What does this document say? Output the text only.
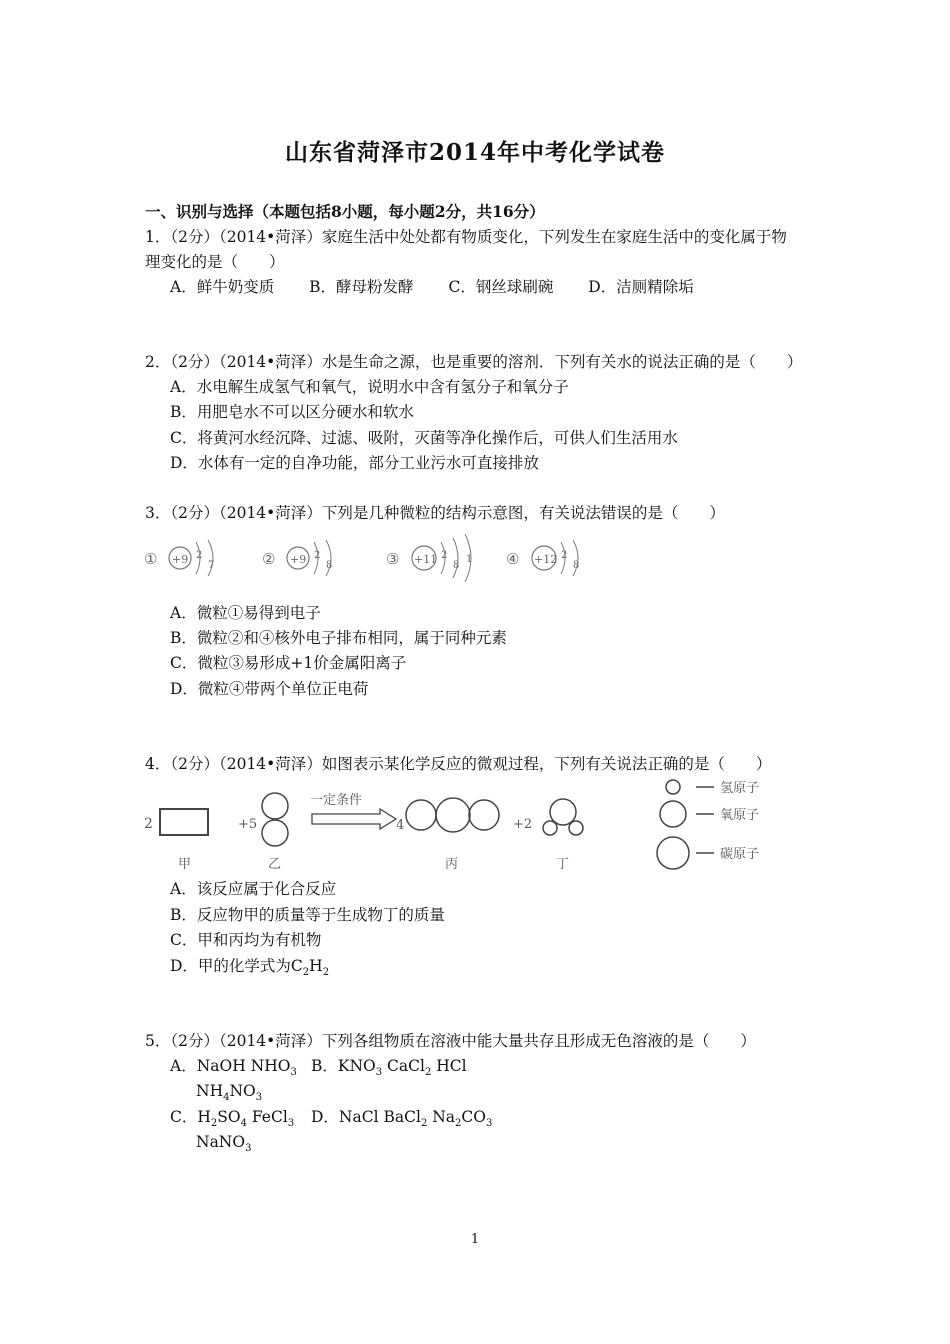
山东省菏泽市2014年中考化学试卷
一、识别与选择（本题包括8小题，每小题2分，共16分）
1．（2分）（2014•菏泽）家庭生活中处处都有物质变化，下列发生在家庭生活中的变化属于物
理变化的是（　　）
A．鲜牛奶变质 B．酵母粉发酵 C．钢丝球刷碗 D．洁厕精除垢
2．（2分）（2014•菏泽）水是生命之源，也是重要的溶剂．下列有关水的说法正确的是（　　）
A．水电解生成氢气和氧气，说明水中含有氢分子和氧分子
B．用肥皂水不可以区分硬水和软水
C．将黄河水经沉降、过滤、吸附，灭菌等净化操作后，可供人们生活用水
D．水体有一定的自净功能，部分工业污水可直接排放
3．（2分）（2014•菏泽）下列是几种微粒的结构示意图，有关说法错误的是（　　）
① +9 2
7	② +9 2
8	③ +11 2
8
1 ④ +12 2
8
A．微粒①易得到电子
B．微粒②和④核外电子排布相同，属于同种元素
C．微粒③易形成+1价金属阳离子
D．微粒④带两个单位正电荷
4．（2分）（2014•菏泽）如图表示某化学反应的微观过程，下列有关说法正确的是（　　）
2
甲
+5
乙
一定条件
4
丙
+2
丁
氢原子
氧原子
碳原子
A．该反应属于化合反应
B．反应物甲的质量等于生成物丁的质量
C．甲和丙均为有机物
D．甲的化学式为$C_2H_2$
5．（2分）（2014•菏泽）下列各组物质在溶液中能大量共存且形成无色溶液的是（　　）
A．NaOH $NHO_3$ B．$KNO_3$ CaCl$_2$ HCl
$NH_4NO_3$
C．$H_2SO_4$ FeCl$_3$ D．NaCl BaCl$_2$ $Na_2CO_3$
NaNO$_3$
1
